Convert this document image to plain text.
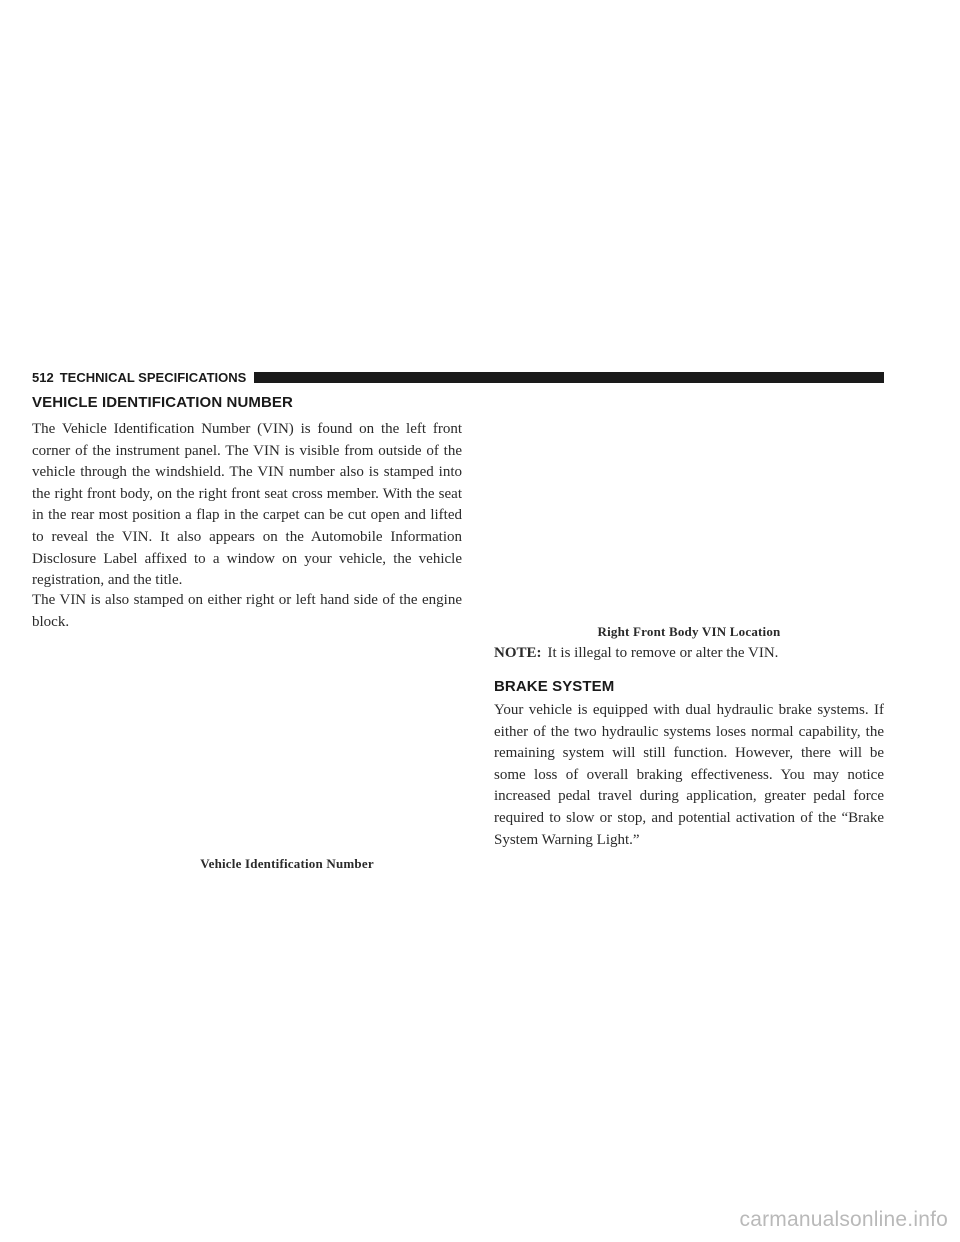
512 TECHNICAL SPECIFICATIONS
VEHICLE IDENTIFICATION NUMBER

The Vehicle Identification Number (VIN) is found on the left front corner of the instrument panel. The VIN is visible from outside of the vehicle through the windshield. The VIN number also is stamped into the right front body, on the right front seat cross member. With the seat in the rear most position a flap in the carpet can be cut open and lifted to reveal the VIN. It also appears on the Automobile Information Disclosure Label affixed to a window on your vehicle, the vehicle registration, and the title.

The VIN is also stamped on either right or left hand side of the engine block.

Vehicle Identification Number
Right Front Body VIN Location
NOTE: It is illegal to remove or alter the VIN.
BRAKE SYSTEM

Your vehicle is equipped with dual hydraulic brake systems. If either of the two hydraulic systems loses normal capability, the remaining system will still function. However, there will be some loss of overall braking effectiveness. You may notice increased pedal travel during application, greater pedal force required to slow or stop, and potential activation of the “Brake System Warning Light.”

carmanualsonline.info
